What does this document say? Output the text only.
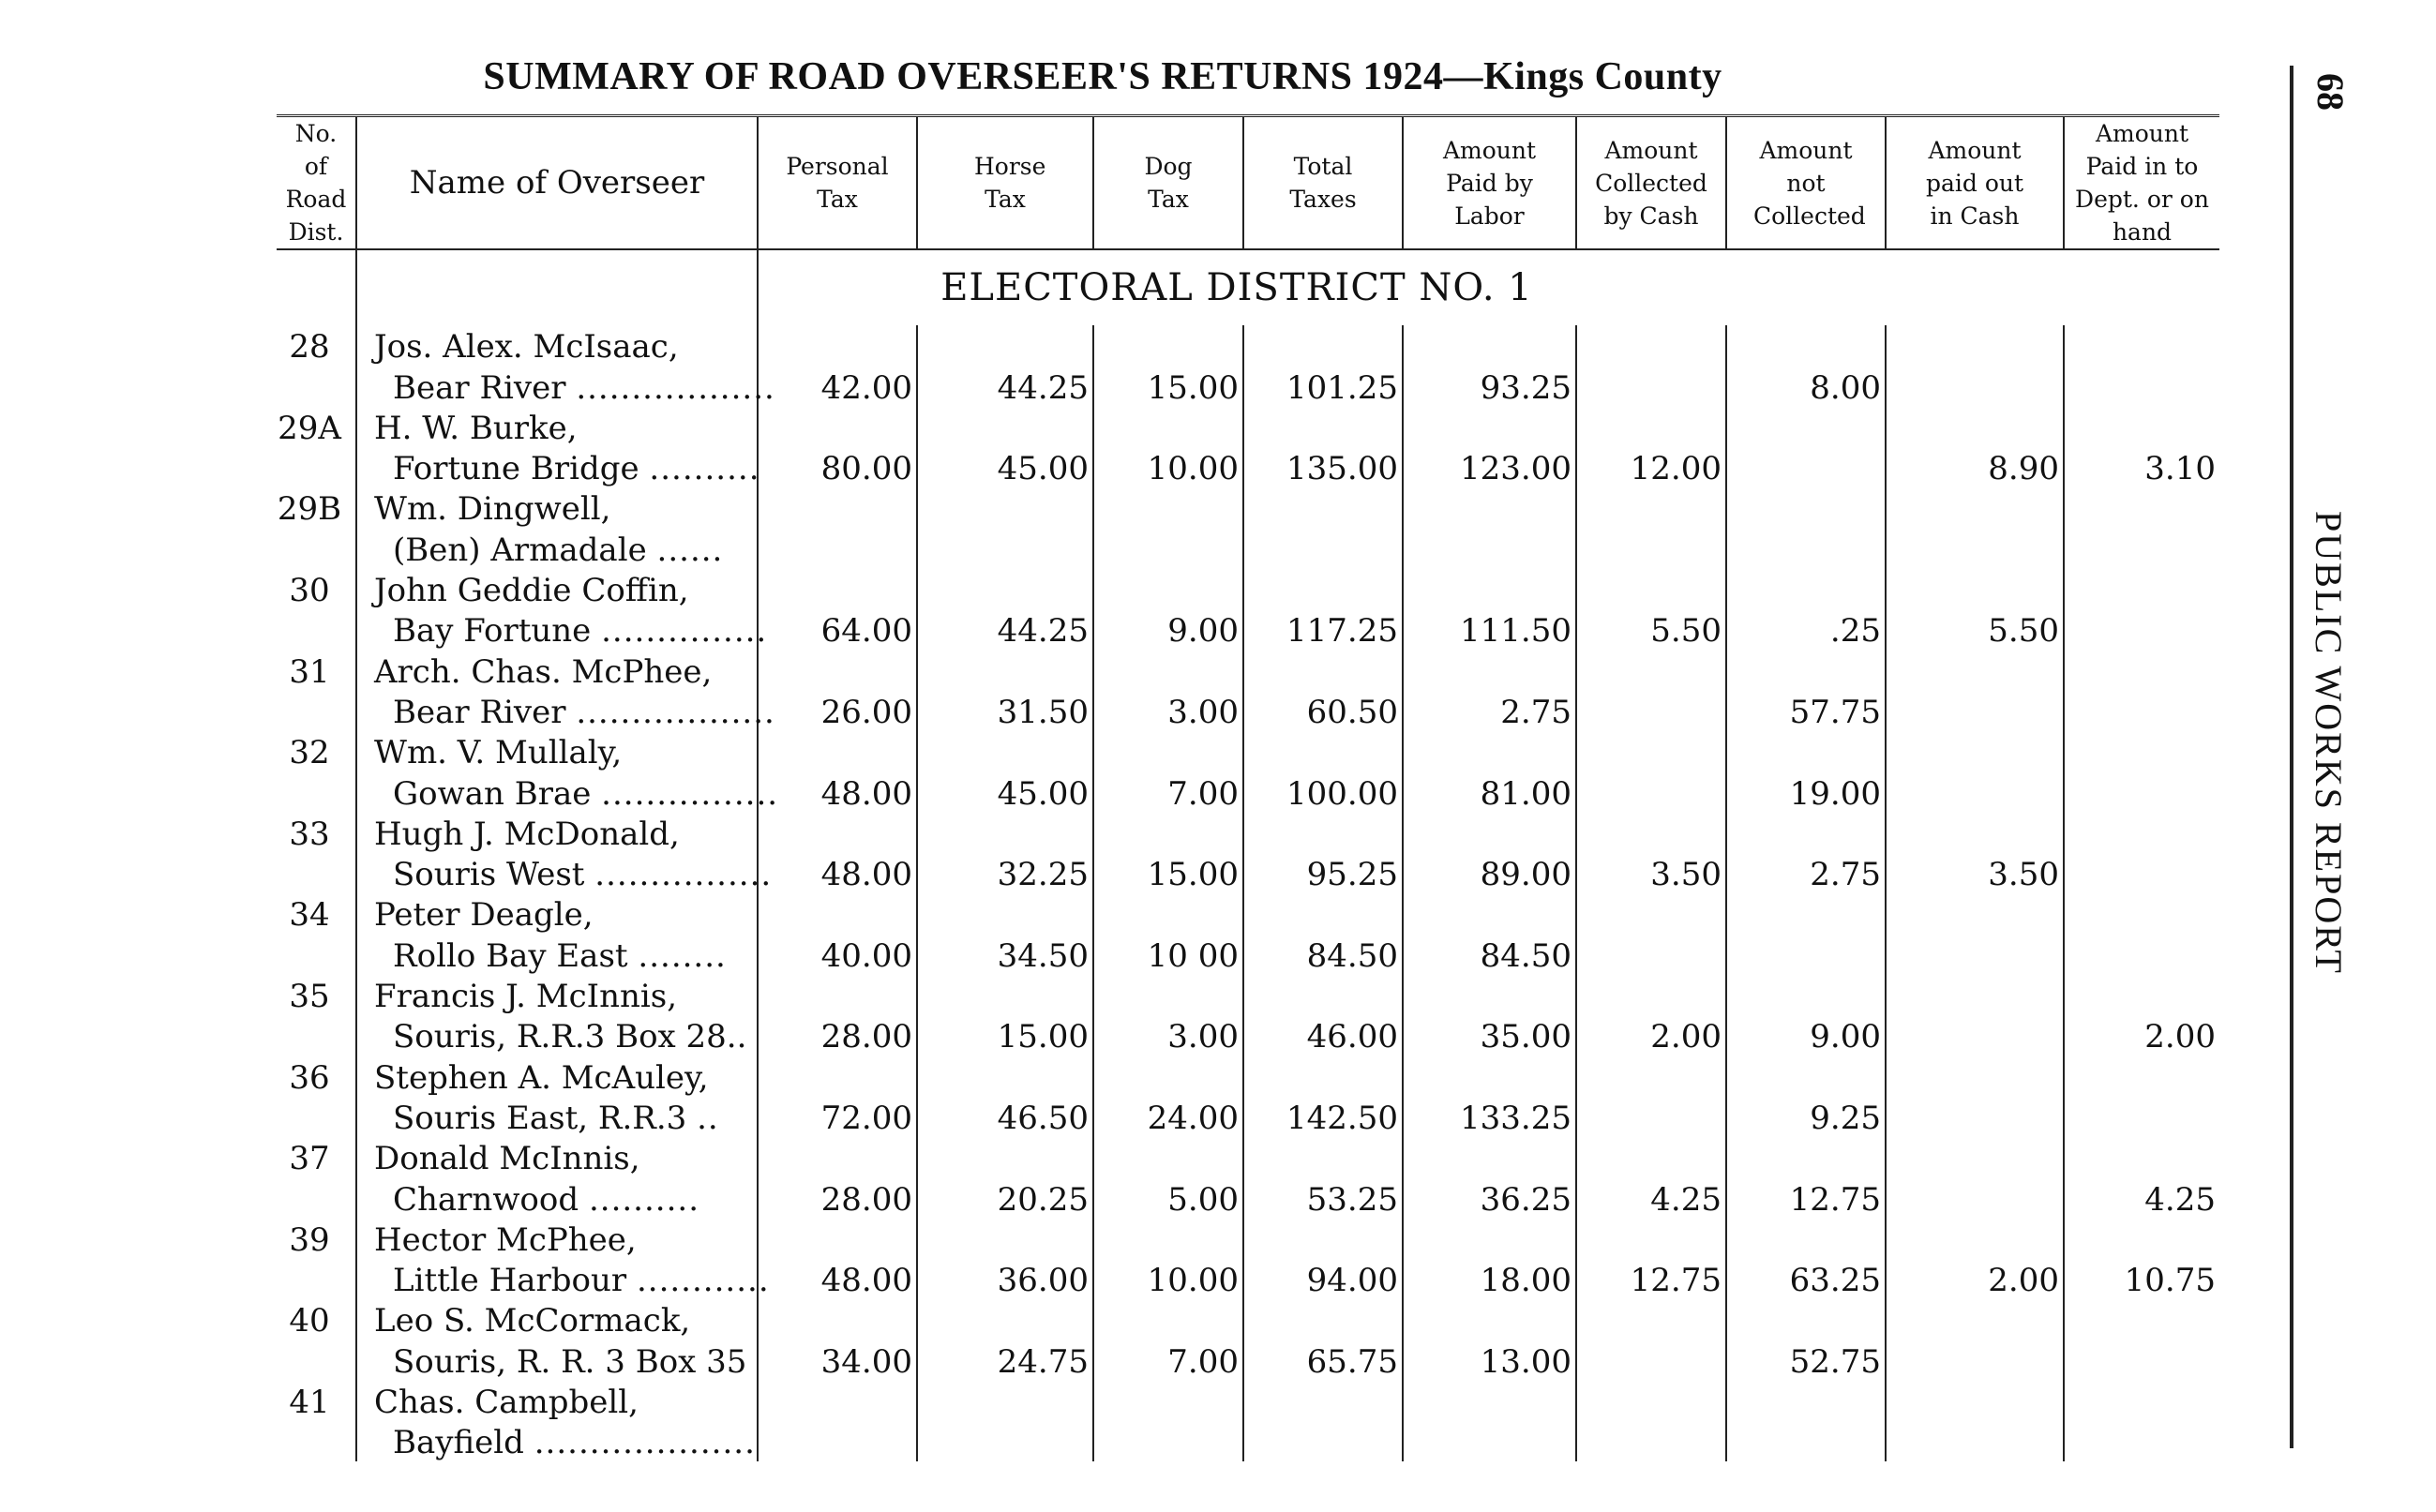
SUMMARY OF ROAD OVERSEER'S RETURNS 1924—Kings County
No. of Road Dist.	Name of Overseer	Personal Tax	Horse Tax	Dog Tax	Total Taxes	Amount Paid by Labor	Amount Collected by Cash	Amount not Collected	Amount paid out in Cash	Amount Paid in to Dept. or on hand

		ELECTORAL DISTRICT NO. 1								

28	Jos. Alex. McIsaac,									
	Bear River ..................	42.00	44.25	15.00	101.25	93.25		8.00		
29A	H. W. Burke,									
	Fortune Bridge ..........	80.00	45.00	10.00	135.00	123.00	12.00		8.90	3.10
29B	Wm. Dingwell,									
	(Ben) Armadale ......									
30	John Geddie Coffin,									
	Bay Fortune ...............	64.00	44.25	9.00	117.25	111.50	5.50	.25	5.50	
31	Arch. Chas. McPhee,									
	Bear River ..................	26.00	31.50	3.00	60.50	2.75		57.75		
32	Wm. V. Mullaly,									
	Gowan Brae ................	48.00	45.00	7.00	100.00	81.00		19.00		
33	Hugh J. McDonald,									
	Souris West ................	48.00	32.25	15.00	95.25	89.00	3.50	2.75	3.50	
34	Peter Deagle,									
	Rollo Bay East ........	40.00	34.50	10 00	84.50	84.50				
35	Francis J. McInnis,									
	Souris, R.R.3 Box 28..	28.00	15.00	3.00	46.00	35.00	2.00	9.00		2.00
36	Stephen A. McAuley,									
	Souris East, R.R.3 ..	72.00	46.50	24.00	142.50	133.25		9.25		
37	Donald McInnis,									
	Charnwood ..........	28.00	20.25	5.00	53.25	36.25	4.25	12.75		4.25
39	Hector McPhee,									
	Little Harbour ............	48.00	36.00	10.00	94.00	18.00	12.75	63.25	2.00	10.75
40	Leo S. McCormack,									
	Souris, R. R. 3 Box 35	34.00	24.75	7.00	65.75	13.00		52.75		
41	Chas. Campbell,									
	Bayfield ....................									
68
PUBLIC WORKS REPORT
